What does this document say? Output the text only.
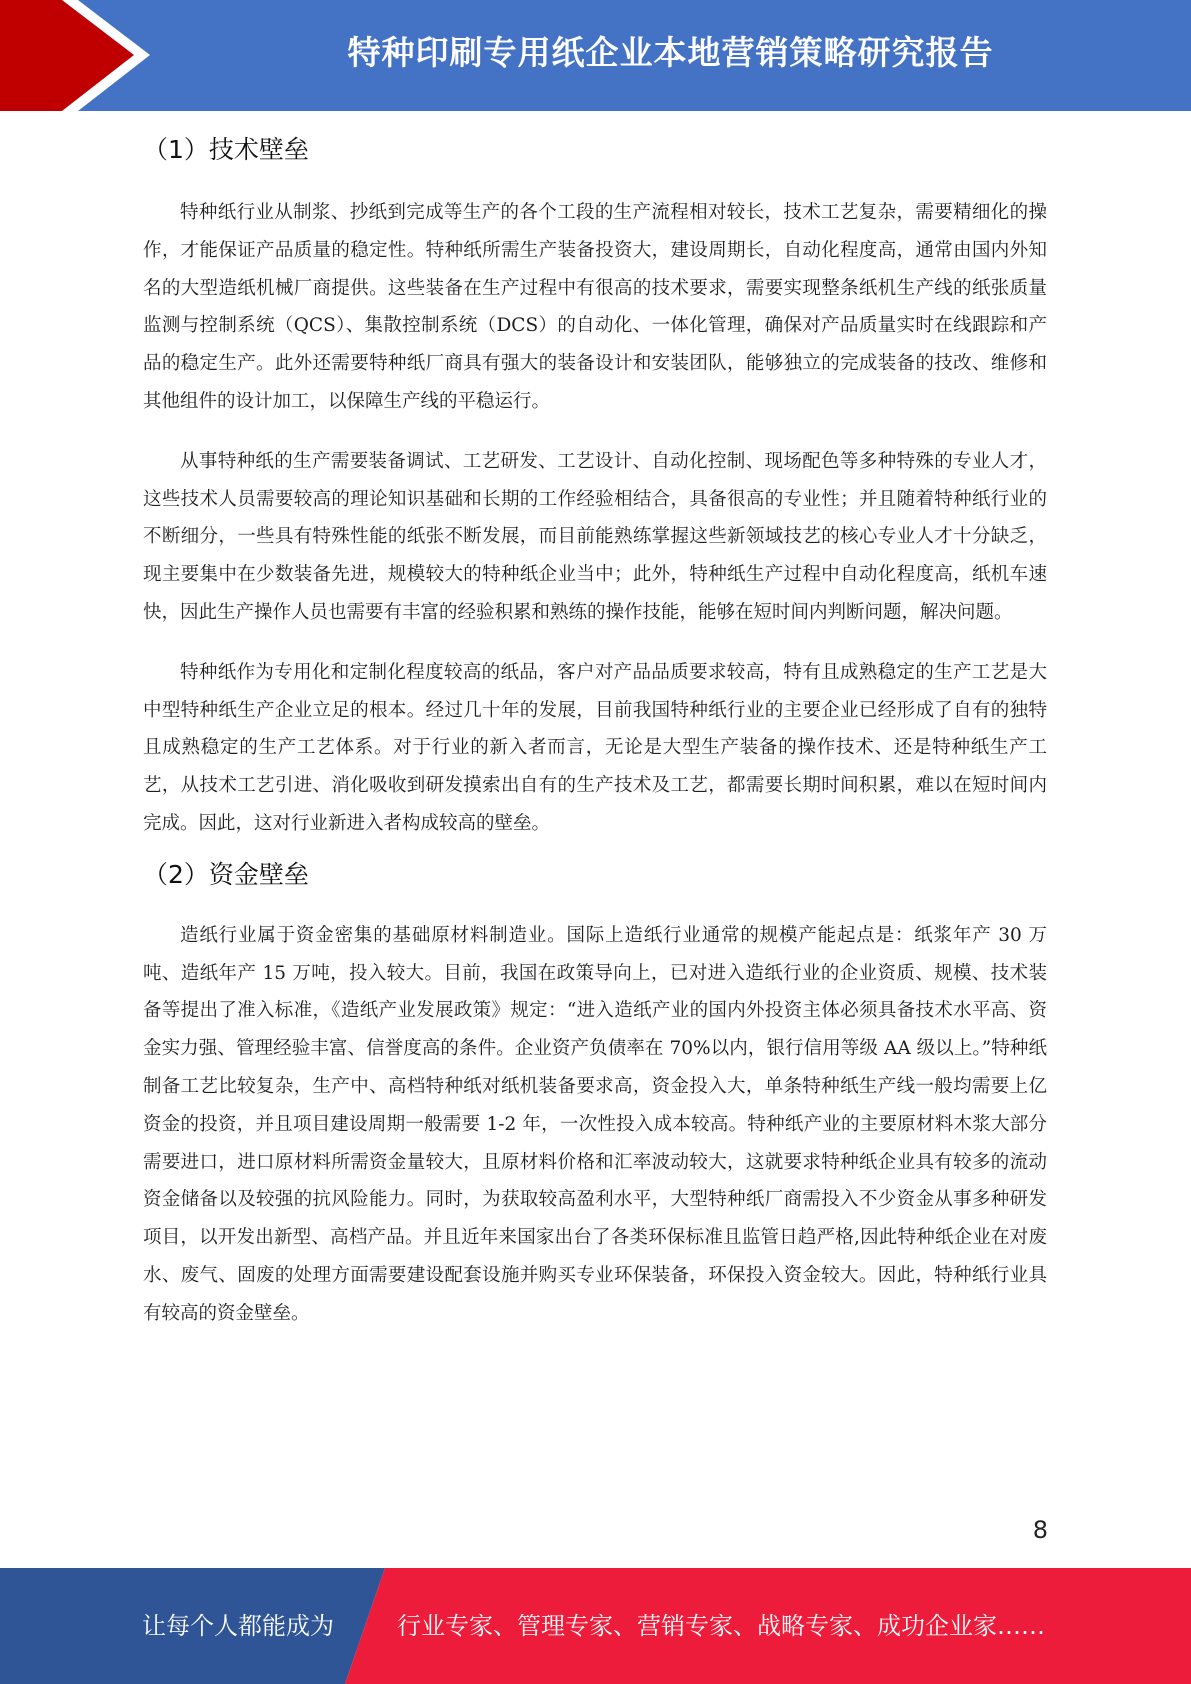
特种印刷专用纸企业本地营销策略研究报告
（1）技术壁垒

特种纸行业从制浆、抄纸到完成等生产的各个工段的生产流程相对较长，技术工艺复杂，需要精细化的操作，才能保证产品质量的稳定性。特种纸所需生产装备投资大，建设周期长，自动化程度高，通常由国内外知名的大型造纸机械厂商提供。这些装备在生产过程中有很高的技术要求，需要实现整条纸机生产线的纸张质量监测与控制系统（QCS）、集散控制系统（DCS）的自动化、一体化管理，确保对产品质量实时在线跟踪和产品的稳定生产。此外还需要特种纸厂商具有强大的装备设计和安装团队，能够独立的完成装备的技改、维修和其他组件的设计加工，以保障生产线的平稳运行。

从事特种纸的生产需要装备调试、工艺研发、工艺设计、自动化控制、现场配色等多种特殊的专业人才，这些技术人员需要较高的理论知识基础和长期的工作经验相结合，具备很高的专业性；并且随着特种纸行业的不断细分，一些具有特殊性能的纸张不断发展，而目前能熟练掌握这些新领域技艺的核心专业人才十分缺乏，现主要集中在少数装备先进，规模较大的特种纸企业当中；此外，特种纸生产过程中自动化程度高，纸机车速快，因此生产操作人员也需要有丰富的经验积累和熟练的操作技能，能够在短时间内判断问题，解决问题。

特种纸作为专用化和定制化程度较高的纸品，客户对产品品质要求较高，特有且成熟稳定的生产工艺是大中型特种纸生产企业立足的根本。经过几十年的发展，目前我国特种纸行业的主要企业已经形成了自有的独特且成熟稳定的生产工艺体系。对于行业的新入者而言，无论是大型生产装备的操作技术、还是特种纸生产工艺，从技术工艺引进、消化吸收到研发摸索出自有的生产技术及工艺，都需要长期时间积累，难以在短时间内完成。因此，这对行业新进入者构成较高的壁垒。

（2）资金壁垒

造纸行业属于资金密集的基础原材料制造业。国际上造纸行业通常的规模产能起点是：纸浆年产 30 万吨、造纸年产 15 万吨，投入较大。目前，我国在政策导向上，已对进入造纸行业的企业资质、规模、技术装备等提出了准入标准，《造纸产业发展政策》规定：“进入造纸产业的国内外投资主体必须具备技术水平高、资金实力强、管理经验丰富、信誉度高的条件。企业资产负债率在 70%以内，银行信用等级 AA 级以上。”特种纸制备工艺比较复杂，生产中、高档特种纸对纸机装备要求高，资金投入大，单条特种纸生产线一般均需要上亿资金的投资，并且项目建设周期一般需要 1-2 年，一次性投入成本较高。特种纸产业的主要原材料木浆大部分需要进口，进口原材料所需资金量较大，且原材料价格和汇率波动较大，这就要求特种纸企业具有较多的流动资金储备以及较强的抗风险能力。同时，为获取较高盈利水平，大型特种纸厂商需投入不少资金从事多种研发项目，以开发出新型、高档产品。并且近年来国家出台了各类环保标准且监管日趋严格,因此特种纸企业在对废水、废气、固废的处理方面需要建设配套设施并购买专业环保装备，环保投入资金较大。因此，特种纸行业具有较高的资金壁垒。

8
让每个人都能成为	行业专家、管理专家、营销专家、战略专家、成功企业家……
